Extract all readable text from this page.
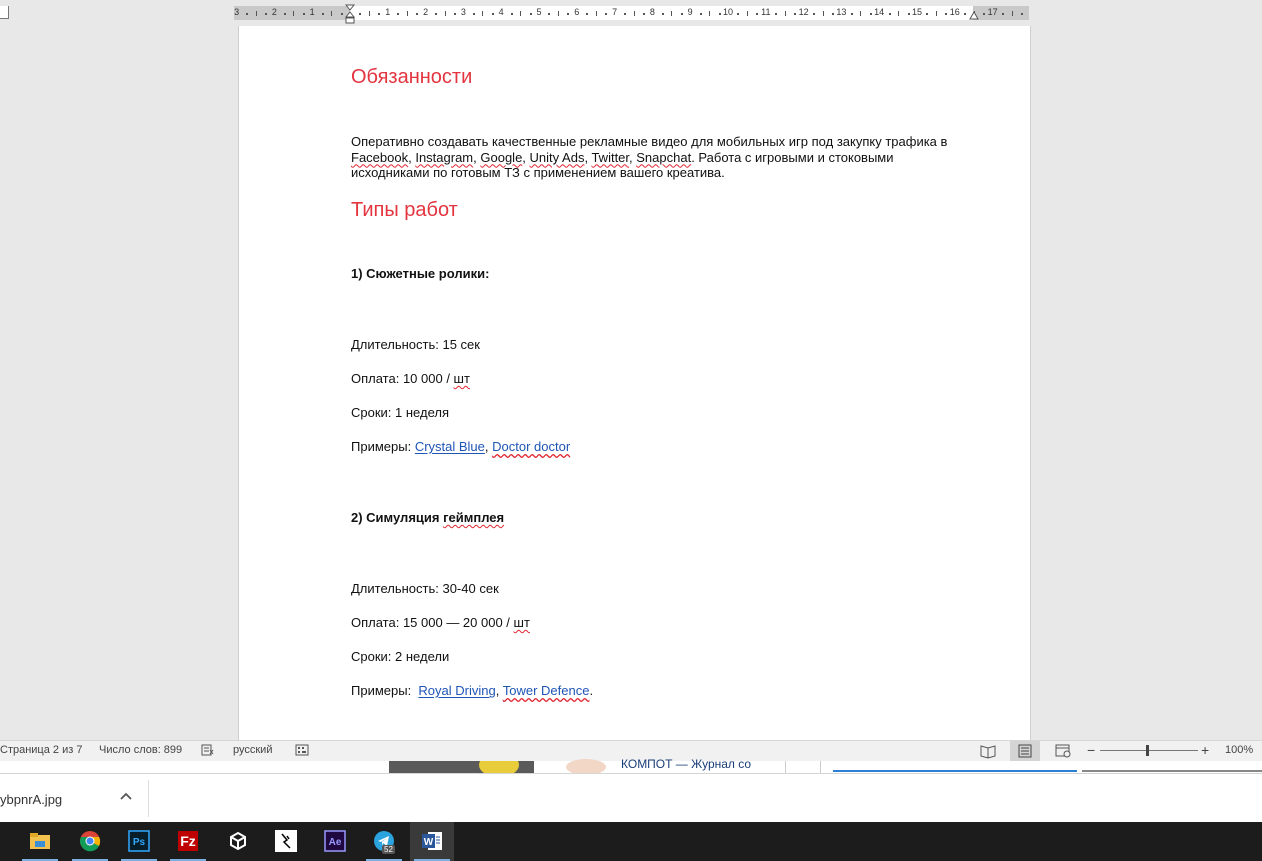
3	2	1	1	2	3	4	5	6	7	8	9	10	11	12	13	14	15	16	17
Обязанности
Оперативно создавать качественные рекламные видео для мобильных игр под закупку трафика в Facebook, Instagram, Google, Unity Ads, Twitter, Snapchat. Работа с игровыми и стоковыми
исходниками по готовым ТЗ с применением вашего креатива.
Типы работ
1) Сюжетные ролики:
Длительность: 15 сек
Оплата: 10 000 / шт
Сроки: 1 неделя
Примеры: Crystal Blue, Doctor doctor
2) Симуляция геймплея
Длительность: 30-40 сек
Оплата: 15 000 — 20 000 / шт
Сроки: 2 недели
Примеры:  Royal Driving, Tower Defence.
Страница 2 из 7 Число слов: 899	русский	−	+ 100%
КОМПОТ — Журнал со
ybpnrA.jpg
Ps	Fz	Ae
52
W
